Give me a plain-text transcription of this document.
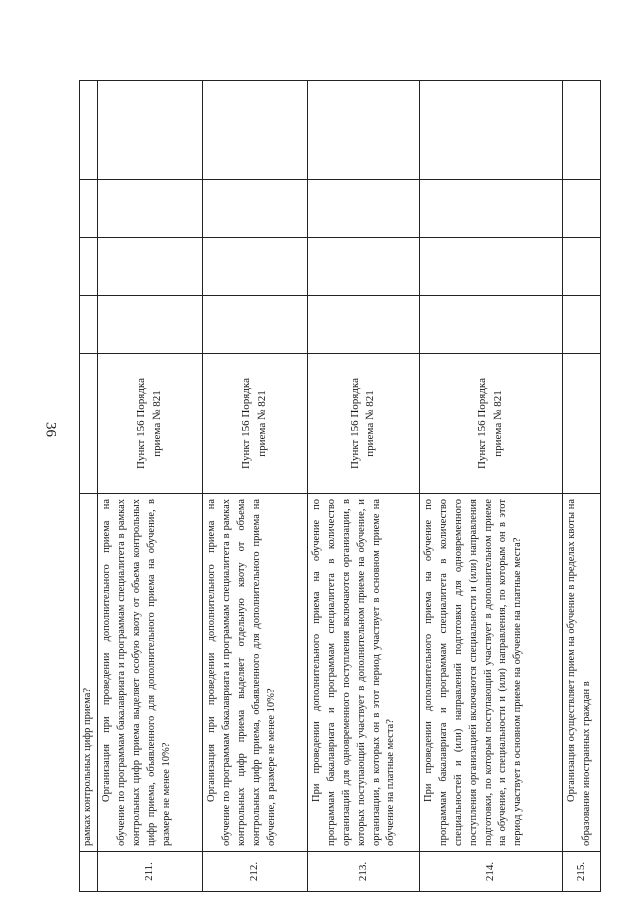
36
	рамках контрольных цифр приема?					
211.	Организация при проведении дополнительного приема на обучение по программам бакалавриата и программам специалитета в рамках контрольных цифр приема выделяет особую квоту от объема контрольных цифр приема, объявленного для дополнительного приема на обучение, в размере не менее 10%?	Пункт 156 Порядка приема № 821				
212.	Организация при проведении дополнительного приема на обучение по программам бакалавриата и программам специалитета в рамках контрольных цифр приема выделяет отдельную квоту от объема контрольных цифр приема, объявленного для дополнительного приема на обучение, в размере не менее 10%?	Пункт 156 Порядка приема № 821				
213.	При проведении дополнительного приема на обучение по программам бакалавриата и программам специалитета в количество организаций для одновременного поступления включаются организации, в которых поступающий участвует в дополнительном приеме на обучение, и организации, в которых он в этот период участвует в основном приеме на обучение на платные места?	Пункт 156 Порядка приема № 821				
214.	При проведении дополнительного приема на обучение по программам бакалавриата и программам специалитета в количество специальностей и (или) направлений подготовки для одновременного поступления организацией включаются специальности и (или) направления подготовки, по которым поступающий участвует в дополнительном приеме на обучение, и специальности и (или) направления, по которым он в этот период участвует в основном приеме на обучение на платные места?	Пункт 156 Порядка приема № 821				
215.	Организация осуществляет прием на обучение в пределах квоты на образование иностранных граждан в					
